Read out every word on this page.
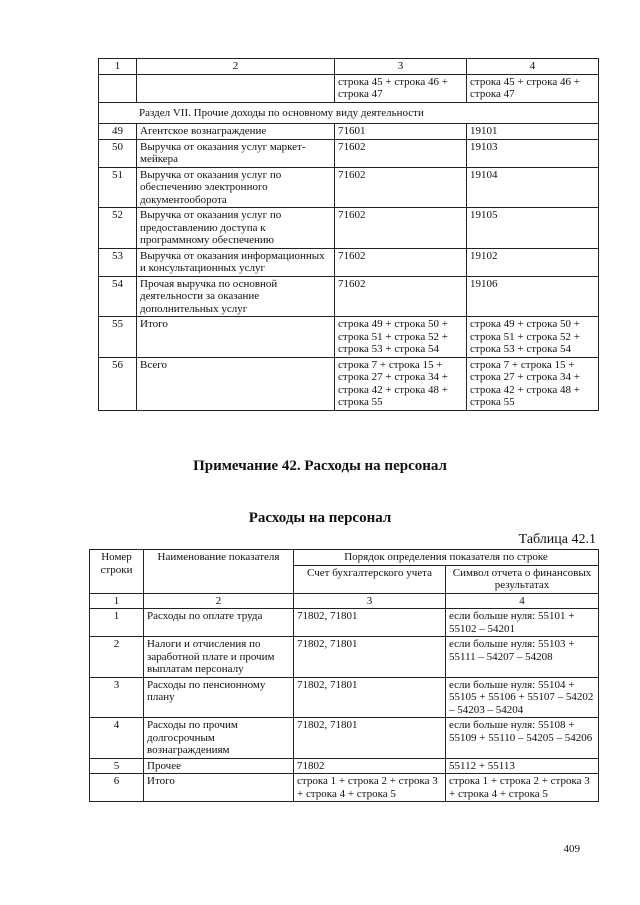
1	2	3	4
		строка 45 + строка 46 + строка 47	строка 45 + строка 46 + строка 47
Раздел VII. Прочие доходы по основному виду деятельности			
49	Агентское вознаграждение	71601	19101
50	Выручка от оказания услуг маркет-мейкера	71602	19103
51	Выручка от оказания услуг по обеспечению электронного документооборота	71602	19104
52	Выручка от оказания услуг по предоставлению доступа к программному обеспечению	71602	19105
53	Выручка от оказания информационных и консультационных услуг	71602	19102
54	Прочая выручка по основной деятельности за оказание дополнительных услуг	71602	19106
55	Итого	строка 49 + строка 50 + строка 51 + строка 52 + строка 53 + строка 54	строка 49 + строка 50 + строка 51 + строка 52 + строка 53 + строка 54
56	Всего	строка 7 + строка 15 + строка 27 + строка 34 + строка 42 + строка 48 + строка 55	строка 7 + строка 15 + строка 27 + строка 34 + строка 42 + строка 48 + строка 55
Примечание 42. Расходы на персонал
Расходы на персонал
Таблица 42.1
Номер строки	Наименование показателя	Порядок определения показателя по строке	
		Счет бухгалтерского учета	Символ отчета о финансовых результатах
1	2	3	4
1	Расходы по оплате труда	71802, 71801	если больше нуля: 55101 + 55102 – 54201
2	Налоги и отчисления по заработной плате и прочим выплатам персоналу	71802, 71801	если больше нуля: 55103 + 55111 – 54207 – 54208
3	Расходы по пенсионному плану	71802, 71801	если больше нуля: 55104 + 55105 + 55106 + 55107 – 54202 – 54203 – 54204
4	Расходы по прочим долгосрочным вознаграждениям	71802, 71801	если больше нуля: 55108 + 55109 + 55110 – 54205 – 54206
5	Прочее	71802	55112 + 55113
6	Итого	строка 1 + строка 2 + строка 3 + строка 4 + строка 5	строка 1 + строка 2 + строка 3 + строка 4 + строка 5
409
